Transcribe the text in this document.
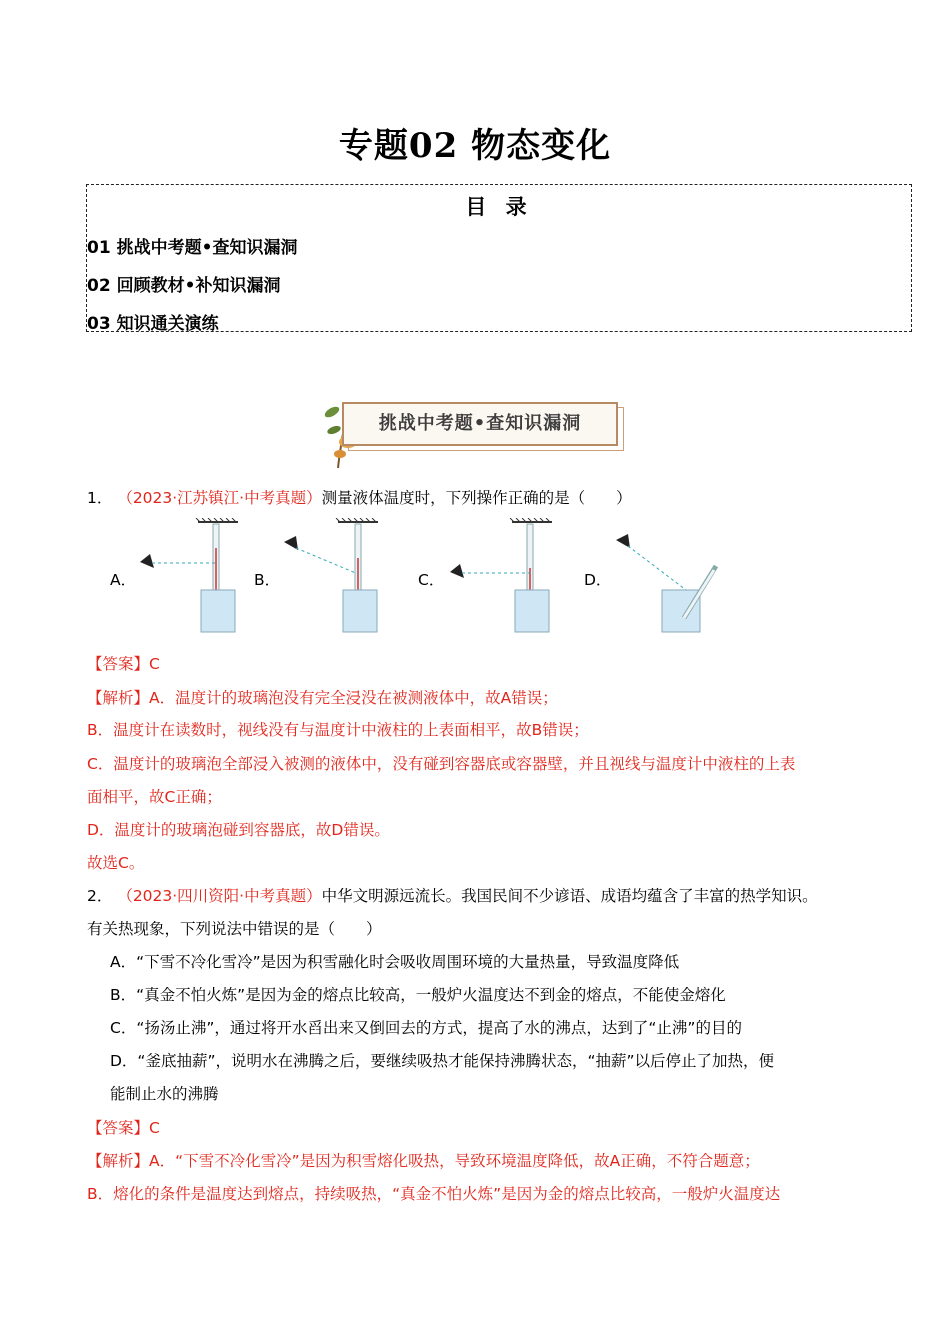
专题02 物态变化
目 录
01 挑战中考题•查知识漏洞
02 回顾教材•补知识漏洞
03 知识通关演练
挑战中考题•查知识漏洞
1． （2023·江苏镇江·中考真题）测量液体温度时，下列操作正确的是（　　）
A．	B．	C．	D．
【答案】C
【解析】A．温度计的玻璃泡没有完全浸没在被测液体中，故A错误；
B．温度计在读数时，视线没有与温度计中液柱的上表面相平，故B错误；
C．温度计的玻璃泡全部浸入被测的液体中，没有碰到容器底或容器壁，并且视线与温度计中液柱的上表
面相平，故C正确；
D．温度计的玻璃泡碰到容器底，故D错误。
故选C。
2． （2023·四川资阳·中考真题）中华文明源远流长。我国民间不少谚语、成语均蕴含了丰富的热学知识。
有关热现象，下列说法中错误的是（　　）
A．“下雪不冷化雪冷”是因为积雪融化时会吸收周围环境的大量热量，导致温度降低
B．“真金不怕火炼”是因为金的熔点比较高，一般炉火温度达不到金的熔点，不能使金熔化
C．“扬汤止沸”，通过将开水舀出来又倒回去的方式，提高了水的沸点，达到了“止沸”的目的
D．“釜底抽薪”，说明水在沸腾之后，要继续吸热才能保持沸腾状态，“抽薪”以后停止了加热，便
能制止水的沸腾
【答案】C
【解析】A．“下雪不冷化雪冷”是因为积雪熔化吸热，导致环境温度降低，故A正确，不符合题意；
B．熔化的条件是温度达到熔点，持续吸热，“真金不怕火炼”是因为金的熔点比较高，一般炉火温度达
